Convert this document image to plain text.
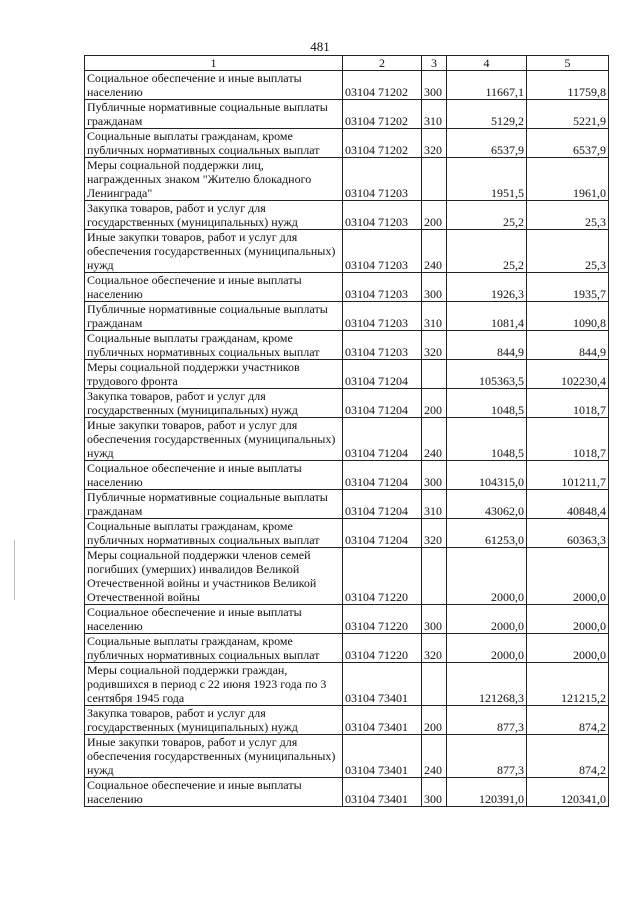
481
1	2	3	4	5
Социальное обеспечение и иные выплаты населению	03104 71202	300	11667,1	11759,8
Публичные нормативные социальные выплаты гражданам	03104 71202	310	5129,2	5221,9
Социальные выплаты гражданам, кроме публичных нормативных социальных выплат	03104 71202	320	6537,9	6537,9
Меры социальной поддержки лиц, награжденных знаком "Жителю блокадного Ленинграда"	03104 71203		1951,5	1961,0
Закупка товаров, работ и услуг для государственных (муниципальных) нужд	03104 71203	200	25,2	25,3
Иные закупки товаров, работ и услуг для обеспечения государственных (муниципальных) нужд	03104 71203	240	25,2	25,3
Социальное обеспечение и иные выплаты населению	03104 71203	300	1926,3	1935,7
Публичные нормативные социальные выплаты гражданам	03104 71203	310	1081,4	1090,8
Социальные выплаты гражданам, кроме публичных нормативных социальных выплат	03104 71203	320	844,9	844,9
Меры социальной поддержки участников трудового фронта	03104 71204		105363,5	102230,4
Закупка товаров, работ и услуг для государственных (муниципальных) нужд	03104 71204	200	1048,5	1018,7
Иные закупки товаров, работ и услуг для обеспечения государственных (муниципальных) нужд	03104 71204	240	1048,5	1018,7
Социальное обеспечение и иные выплаты населению	03104 71204	300	104315,0	101211,7
Публичные нормативные социальные выплаты гражданам	03104 71204	310	43062,0	40848,4
Социальные выплаты гражданам, кроме публичных нормативных социальных выплат	03104 71204	320	61253,0	60363,3
Меры социальной поддержки членов семей погибших (умерших) инвалидов Великой Отечественной войны и участников Великой Отечественной войны	03104 71220		2000,0	2000,0
Социальное обеспечение и иные выплаты населению	03104 71220	300	2000,0	2000,0
Социальные выплаты гражданам, кроме публичных нормативных социальных выплат	03104 71220	320	2000,0	2000,0
Меры социальной поддержки граждан, родившихся в период с 22 июня 1923 года по 3 сентября 1945 года	03104 73401		121268,3	121215,2
Закупка товаров, работ и услуг для государственных (муниципальных) нужд	03104 73401	200	877,3	874,2
Иные закупки товаров, работ и услуг для обеспечения государственных (муниципальных) нужд	03104 73401	240	877,3	874,2
Социальное обеспечение и иные выплаты населению	03104 73401	300	120391,0	120341,0
